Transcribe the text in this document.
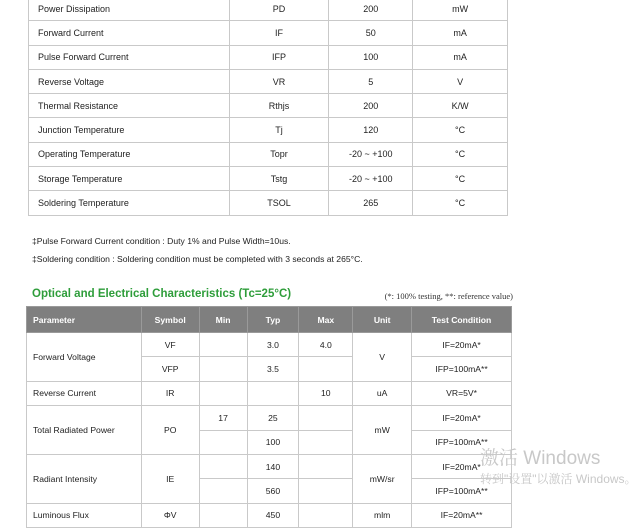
Power Dissipation	PD	200	mW
Forward Current	IF	50	mA
Pulse Forward Current	IFP	100	mA
Reverse Voltage	VR	5	V
Thermal Resistance	Rthjs	200	K/W
Junction Temperature	Tj	120	°C
Operating Temperature	Topr	-20 ~ +100	°C
Storage Temperature	Tstg	-20 ~ +100	°C
Soldering Temperature	TSOL	265	°C
‡Pulse Forward Current condition : Duty 1% and Pulse Width=10us.
‡Soldering condition : Soldering condition must be completed with 3 seconds at 265°C.
Optical and Electrical Characteristics (Tc=25°C)	(*: 100% testing, **: reference value)
Parameter	Symbol	Min	Typ	Max	Unit	Test Condition
Forward Voltage	VF		3.0	4.0	V	IF=20mA*
	VFP		3.5			IFP=100mA**
Reverse Current	IR			10	uA	VR=5V*
Total Radiated Power	PO	17	25		mW	IF=20mA*
			100			IFP=100mA**
Radiant Intensity	IE		140		mW/sr	IF=20mA*
			560			IFP=100mA**
Luminous Flux	ΦV		450		mlm	IF=20mA**
激活 Windows
转到"设置"以激活 Windows。
